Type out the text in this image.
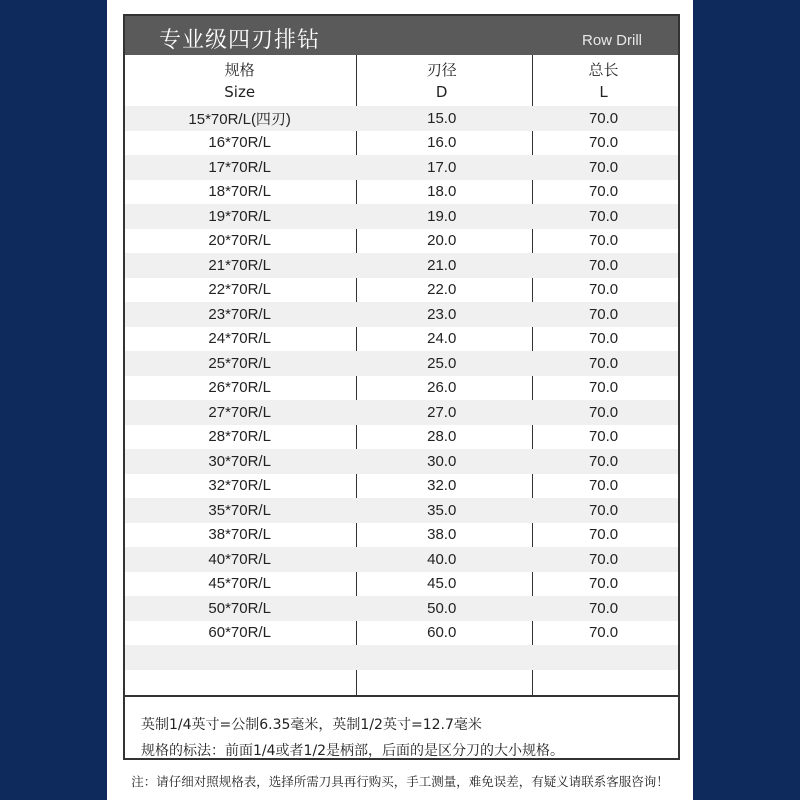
专业级四刃排钻	Row Drill
规格	刃径	总长
Size	D	L
15*70R/L(四刃)	15.0	70.0
16*70R/L	16.0	70.0
17*70R/L	17.0	70.0
18*70R/L	18.0	70.0
19*70R/L	19.0	70.0
20*70R/L	20.0	70.0
21*70R/L	21.0	70.0
22*70R/L	22.0	70.0
23*70R/L	23.0	70.0
24*70R/L	24.0	70.0
25*70R/L	25.0	70.0
26*70R/L	26.0	70.0
27*70R/L	27.0	70.0
28*70R/L	28.0	70.0
30*70R/L	30.0	70.0
32*70R/L	32.0	70.0
35*70R/L	35.0	70.0
38*70R/L	38.0	70.0
40*70R/L	40.0	70.0
45*70R/L	45.0	70.0
50*70R/L	50.0	70.0
60*70R/L	60.0	70.0
英制1/4英寸=公制6.35毫米，英制1/2英寸=12.7毫米
规格的标法：前面1/4或者1/2是柄部，后面的是区分刀的大小规格。
注：请仔细对照规格表，选择所需刀具再行购买，手工测量，难免误差，有疑义请联系客服咨询！
